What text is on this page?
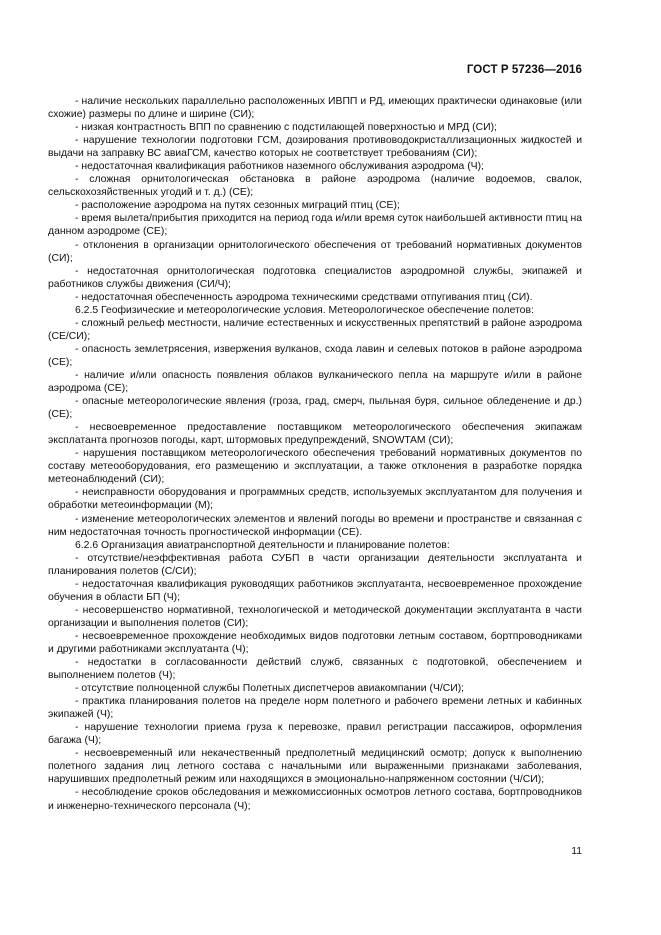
ГОСТ Р 57236—2016

- наличие нескольких параллельно расположенных ИВПП и РД, имеющих практически одинаковые (или схожие) размеры по длине и ширине (СИ);

- низкая контрастность ВПП по сравнению с подстилающей поверхностью и МРД (СИ);

- нарушение технологии подготовки ГСМ, дозирования противоводокристаллизационных жидкостей и выдачи на заправку ВС авиаГСМ, качество которых не соответствует требованиям (СИ);

- недостаточная квалификация работников наземного обслуживания аэродрома (Ч);

- сложная орнитологическая обстановка в районе аэродрома (наличие водоемов, свалок, сельскохозяйственных угодий и т. д.) (СЕ);

- расположение аэродрома на путях сезонных миграций птиц (СЕ);

- время вылета/прибытия приходится на период года и/или время суток наибольшей активности птиц на данном аэродроме (СЕ);

- отклонения в организации орнитологического обеспечения от требований нормативных документов (СИ);

- недостаточная орнитологическая подготовка специалистов аэродромной службы, экипажей и работников службы движения (СИ/Ч);

- недостаточная обеспеченность аэродрома техническими средствами отпугивания птиц (СИ).

6.2.5 Геофизические и метеорологические условия. Метеорологическое обеспечение полетов:

- сложный рельеф местности, наличие естественных и искусственных препятствий в районе аэродрома (СЕ/СИ);

- опасность землетрясения, извержения вулканов, схода лавин и селевых потоков в районе аэродрома (СЕ);

- наличие и/или опасность появления облаков вулканического пепла на маршруте и/или в районе аэродрома (СЕ);

- опасные метеорологические явления (гроза, град, смерч, пыльная буря, сильное обледенение и др.) (СЕ);

- несвоевременное предоставление поставщиком метеорологического обеспечения экипажам эксплатанта прогнозов погоды, карт, штормовых предупреждений, SNOWTAM (СИ);

- нарушения поставщиком метеорологического обеспечения требований нормативных документов по составу метеооборудования, его размещению и эксплуатации, а также отклонения в разработке порядка метеонаблюдений (СИ);

- неисправности оборудования и программных средств, используемых эксплуатантом для получения и обработки метеоинформации (М);

- изменение метеорологических элементов и явлений погоды во времени и пространстве и связанная с ним недостаточная точность прогностической информации (СЕ).

6.2.6 Организация авиатранспортной деятельности и планирование полетов:

- отсутствие/неэффективная работа СУБП в части организации деятельности эксплуатанта и планирования полетов (С/СИ);

- недостаточная квалификация руководящих работников эксплуатанта, несвоевременное прохождение обучения в области БП (Ч);

- несовершенство нормативной, технологической и методической документации эксплуатанта в части организации и выполнения полетов (СИ);

- несвоевременное прохождение необходимых видов подготовки летным составом, бортпроводниками и другими работниками эксплуатанта (Ч);

- недостатки в согласованности действий служб, связанных с подготовкой, обеспечением и выполнением полетов (Ч);

- отсутствие полноценной службы Полетных диспетчеров авиакомпании (Ч/СИ);

- практика планирования полетов на пределе норм полетного и рабочего времени летных и кабинных экипажей (Ч);

- нарушение технологии приема груза к перевозке, правил регистрации пассажиров, оформления багажа (Ч);

- несвоевременный или некачественный предполетный медицинский осмотр; допуск к выполнению полетного задания лиц летного состава с начальными или выраженными признаками заболевания, нарушивших предполетный режим или находящихся в эмоционально-напряженном состоянии (Ч/СИ);

- несоблюдение сроков обследования и межкомиссионных осмотров летного состава, бортпроводников и инженерно-технического персонала (Ч);

11
